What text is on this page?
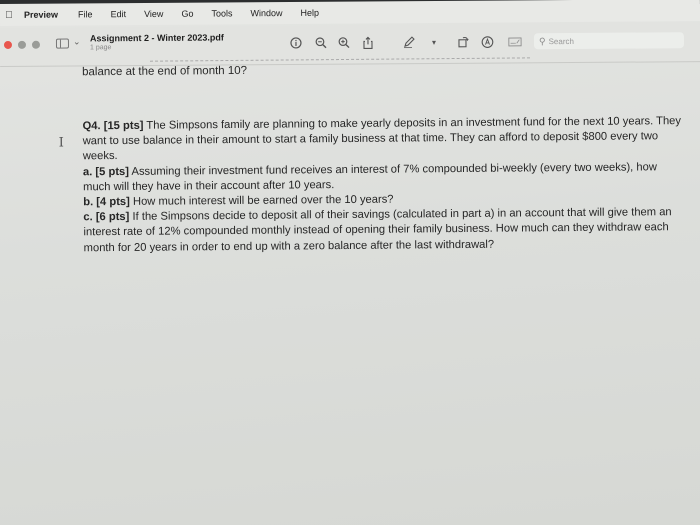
Preview File Edit View Go Tools Window Help
⌄ Assignment 2 - Winter 2023.pdf
1 page
▾	⚲ Search
balance at the end of month 10?
I

Q4. [15 pts] The Simpsons family are planning to make yearly deposits in an investment fund for the next 10 years. They want to use balance in their amount to start a family business at that time. They can afford to deposit $800 every two weeks.

a. [5 pts] Assuming their investment fund receives an interest of 7% compounded bi-weekly (every two weeks), how much will they have in their account after 10 years.

b. [4 pts] How much interest will be earned over the 10 years?

c. [6 pts] If the Simpsons decide to deposit all of their savings (calculated in part a) in an account that will give them an interest rate of 12% compounded monthly instead of opening their family business. How much can they withdraw each month for 20 years in order to end up with a zero balance after the last withdrawal?
